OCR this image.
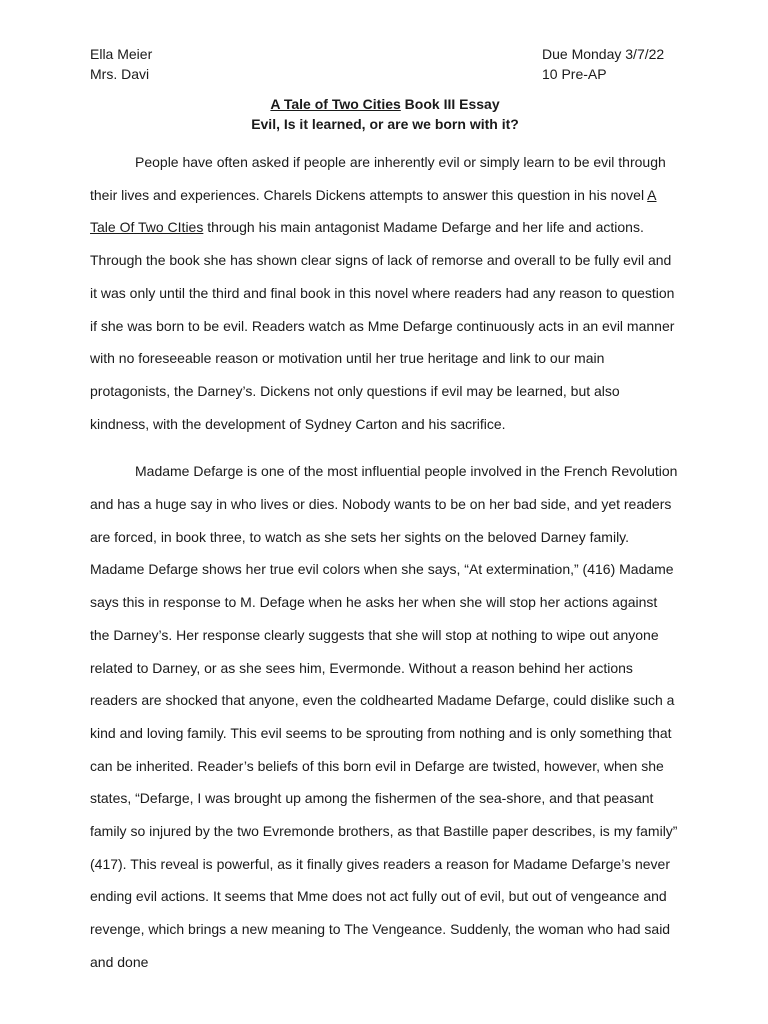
Ella Meier
Mrs. Davi
Due Monday 3/7/22
10 Pre-AP
A Tale of Two Cities Book III Essay
Evil, Is it learned, or are we born with it?

People have often asked if people are inherently evil or simply learn to be evil through their lives and experiences. Charels Dickens attempts to answer this question in his novel A Tale Of Two CIties through his main antagonist Madame Defarge and her life and actions. Through the book she has shown clear signs of lack of remorse and overall to be fully evil and it was only until the third and final book in this novel where readers had any reason to question if she was born to be evil. Readers watch as Mme Defarge continuously acts in an evil manner with no foreseeable reason or motivation until her true heritage and link to our main protagonists, the Darney’s. Dickens not only questions if evil may be learned, but also kindness, with the development of Sydney Carton and his sacrifice.

Madame Defarge is one of the most influential people involved in the French Revolution and has a huge say in who lives or dies. Nobody wants to be on her bad side, and yet readers are forced, in book three, to watch as she sets her sights on the beloved Darney family. Madame Defarge shows her true evil colors when she says, “At extermination,” (416) Madame says this in response to M. Defage when he asks her when she will stop her actions against the Darney’s. Her response clearly suggests that she will stop at nothing to wipe out anyone related to Darney, or as she sees him, Evermonde. Without a reason behind her actions readers are shocked that anyone, even the coldhearted Madame Defarge, could dislike such a kind and loving family. This evil seems to be sprouting from nothing and is only something that can be inherited. Reader’s beliefs of this born evil in Defarge are twisted, however, when she states, “Defarge, I was brought up among the fishermen of the sea-shore, and that peasant family so injured by the two Evremonde brothers, as that Bastille paper describes, is my family” (417). This reveal is powerful, as it finally gives readers a reason for Madame Defarge’s never ending evil actions. It seems that Mme does not act fully out of evil, but out of vengeance and revenge, which brings a new meaning to The Vengeance. Suddenly, the woman who had said and done
